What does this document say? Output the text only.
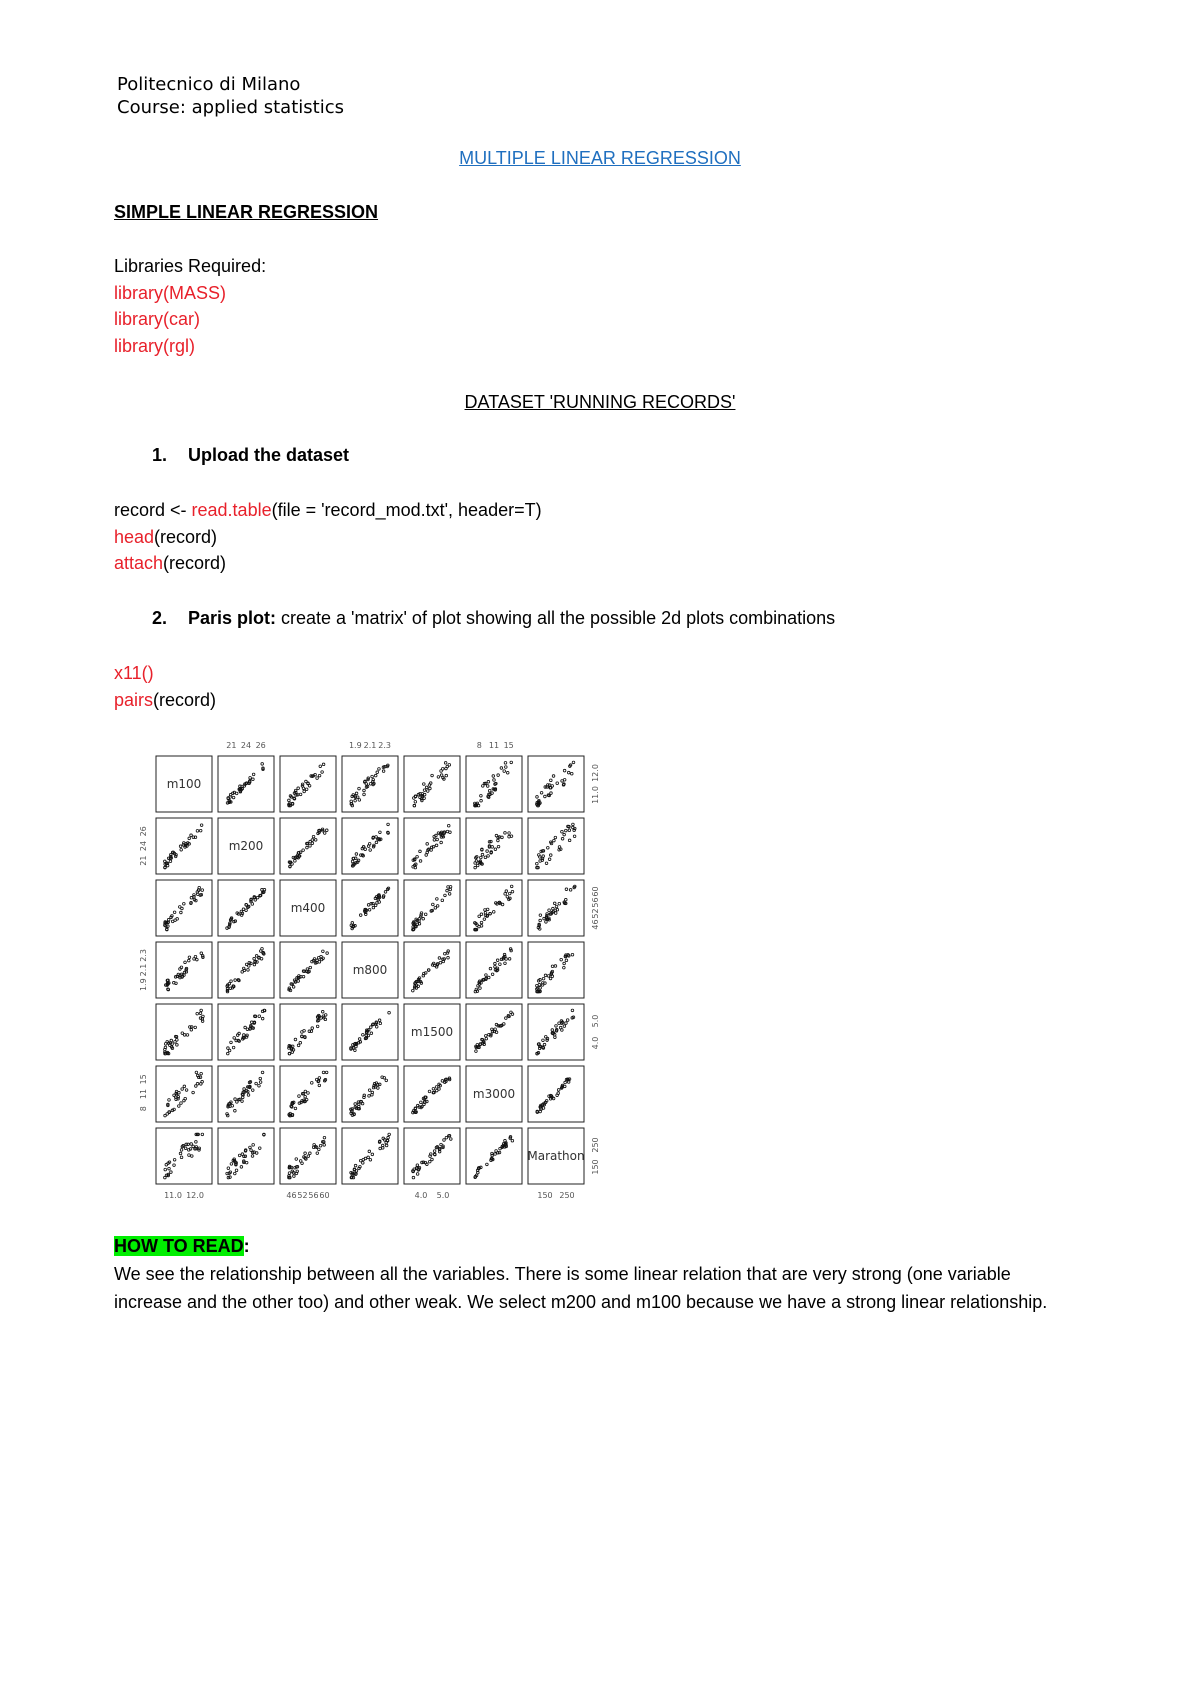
Politecnico di Milano
Course: applied statistics
MULTIPLE LINEAR REGRESSION
SIMPLE LINEAR REGRESSION
Libraries Required:
library(MASS)
library(car)
library(rgl)
DATASET 'RUNNING RECORDS'
1. Upload the dataset
record <- read.table(file = 'record_mod.txt', header=T)
head(record)
attach(record)
2. Paris plot: create a 'matrix' of plot showing all the possible 2d plots combinations
x11()
pairs(record)
m100
m200
m400
m800
m1500
m3000
Marathon
21 24 26	1.9 2.1 2.3	8 11 15
11.0 12.0	46 52 56 60	4.0 5.0	150 250
21
24
26
1.9
2.1
2.3
8
11
15
11.0
12.0
46
52
56
60
4.0
5.0
150
250
HOW TO READ:
We see the relationship between all the variables. There is some linear relation that are very strong (one variable increase and the other too) and other weak. We select m200 and m100 because we have a strong linear relationship.
